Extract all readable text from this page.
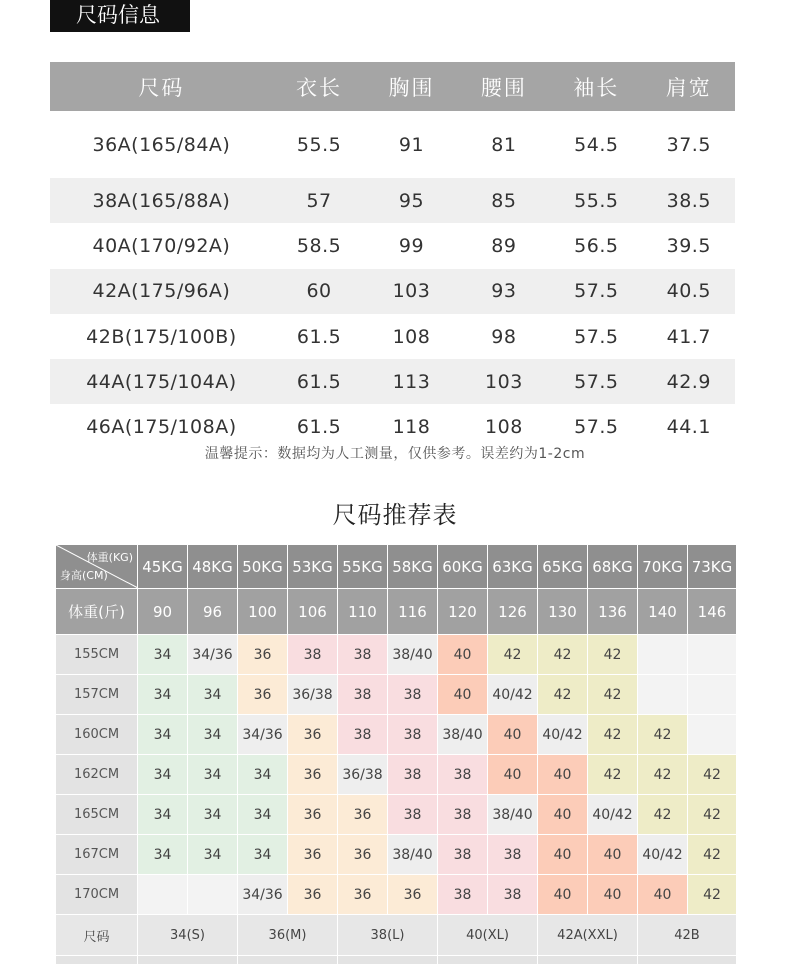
尺码信息
尺码	衣长	胸围	腰围	袖长	肩宽
36A(165/84A)	55.5	91	81	54.5	37.5
38A(165/88A)	57	95	85	55.5	38.5
40A(170/92A)	58.5	99	89	56.5	39.5
42A(175/96A)	60	103	93	57.5	40.5
42B(175/100B)	61.5	108	98	57.5	41.7
44A(175/104A)	61.5	113	103	57.5	42.9
46A(175/108A)	61.5	118	108	57.5	44.1
温馨提示：数据均为人工测量，仅供参考。误差约为1-2cm
尺码推荐表
体重(KG)
身高(CM)	45KG	48KG	50KG	53KG	55KG	58KG	60KG	63KG	65KG	68KG	70KG	73KG
体重(斤)	90	96	100	106	110	116	120	126	130	136	140	146
155CM	34	34/36	36	38	38	38/40	40	42	42	42		
157CM	34	34	36	36/38	38	38	40	40/42	42	42		
160CM	34	34	34/36	36	38	38	38/40	40	40/42	42	42	
162CM	34	34	34	36	36/38	38	38	40	40	42	42	42
165CM	34	34	34	36	36	38	38	38/40	40	40/42	42	42
167CM	34	34	34	36	36	38/40	38	38	40	40	40/42	42
170CM			34/36	36	36	36	38	38	40	40	40	42
尺码	34(S)		36(M)		38(L)		40(XL)		42A(XXL)		42B	
